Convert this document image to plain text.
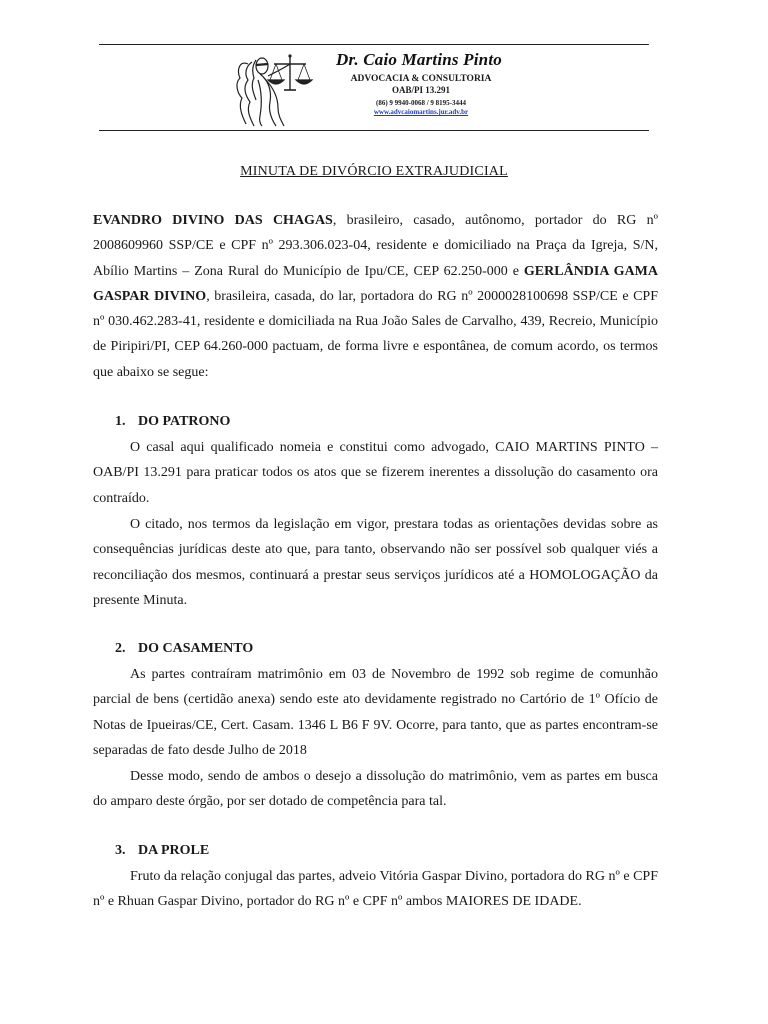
Dr. Caio Martins Pinto
ADVOCACIA & CONSULTORIA
OAB/PI 13.291
(86) 9 9940-0068 / 9 8195-3444
www.advcaiomartins.jur.adv.br
MINUTA DE DIVÓRCIO EXTRAJUDICIAL

EVANDRO DIVINO DAS CHAGAS, brasileiro, casado, autônomo, portador do RG nº 2008609960 SSP/CE e CPF nº 293.306.023-04, residente e domiciliado na Praça da Igreja, S/N, Abílio Martins – Zona Rural do Município de Ipu/CE, CEP 62.250-000 e GERLÂNDIA GAMA GASPAR DIVINO, brasileira, casada, do lar, portadora do RG nº 2000028100698 SSP/CE e CPF nº 030.462.283-41, residente e domiciliada na Rua João Sales de Carvalho, 439, Recreio, Município de Piripiri/PI, CEP 64.260-000 pactuam, de forma livre e espontânea, de comum acordo, os termos que abaixo se segue:

1. DO PATRONO

O casal aqui qualificado nomeia e constitui como advogado, CAIO MARTINS PINTO – OAB/PI 13.291 para praticar todos os atos que se fizerem inerentes a dissolução do casamento ora contraído.

O citado, nos termos da legislação em vigor, prestara todas as orientações devidas sobre as consequências jurídicas deste ato que, para tanto, observando não ser possível sob qualquer viés a reconciliação dos mesmos, continuará a prestar seus serviços jurídicos até a HOMOLOGAÇÃO da presente Minuta.

2. DO CASAMENTO

As partes contraíram matrimônio em 03 de Novembro de 1992 sob regime de comunhão parcial de bens (certidão anexa) sendo este ato devidamente registrado no Cartório de 1º Ofício de Notas de Ipueiras/CE, Cert. Casam. 1346 L B6 F 9V. Ocorre, para tanto, que as partes encontram-se separadas de fato desde Julho de 2018

Desse modo, sendo de ambos o desejo a dissolução do matrimônio, vem as partes em busca do amparo deste órgão, por ser dotado de competência para tal.

3. DA PROLE

Fruto da relação conjugal das partes, adveio Vitória Gaspar Divino, portadora do RG nº e CPF nº e Rhuan Gaspar Divino, portador do RG nº e CPF nº ambos MAIORES DE IDADE.
